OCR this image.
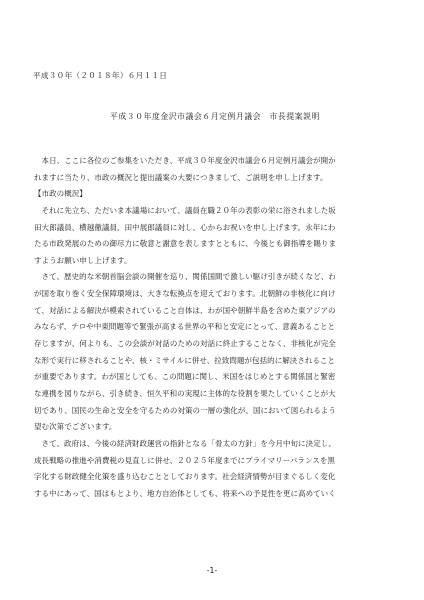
平成３０年（２０１８年）６月１１日
平成３０年度金沢市議会６月定例月議会　市長提案説明
　本日、ここに各位のご参集をいただき、平成３０年度金沢市議会６月定例月議会が開か
れますに当たり、市政の概況と提出議案の大要につきまして、ご説明を申し上げます。
【市政の概況】
　それに先立ち、ただいま本議場において、議員在職２０年の表彰の栄に浴されました坂
田大郎議員、横越徹議員、田中展郎議員に対し、心からお祝いを申し上げます。永年にわ
たる市政発展のための御尽力に敬意と謝意を表しますとともに、今後とも御指導を賜りま
すようお願い申し上げます。
　さて、歴史的な米朝首脳会談の開催を巡り、関係国間で激しい駆け引きが続くなど、わ
が国を取り巻く安全保障環境は、大きな転換点を迎えております。北朝鮮の非核化に向け
て、対話による解決が模索されていること自体は、わが国や朝鮮半島を含めた東アジアの
みならず、テロや中東問題等で緊張が高まる世界の平和と安定にとって、意義あることと
存じますが、何よりも、この会談が対話のための対話に終止することなく、非核化が完全
な形で実行に移されることや、核・ミサイルに併せ、拉致問題が包括的に解決されること
が重要であります。わが国としても、この問題に関し、米国をはじめとする関係国と緊密
な連携を図りながら、引き続き、恒久平和の実現に主体的な役割を果たしていくことが大
切であり、国民の生命と安全を守るための対策の一層の強化が、国において図られるよう
望む次第でございます。
　さて、政府は、今後の経済財政運営の指針となる「骨太の方針」を今月中旬に決定し、
成長戦略の推進や消費税の見直しに併せ、２０２５年度までにプライマリーバランスを黒
字化する財政健全化策を盛り込むこととしております。社会経済情勢が目まぐるしく変化
する中にあって、国はもとより、地方自治体としても、将来への予見性を更に高めていく
-1-
